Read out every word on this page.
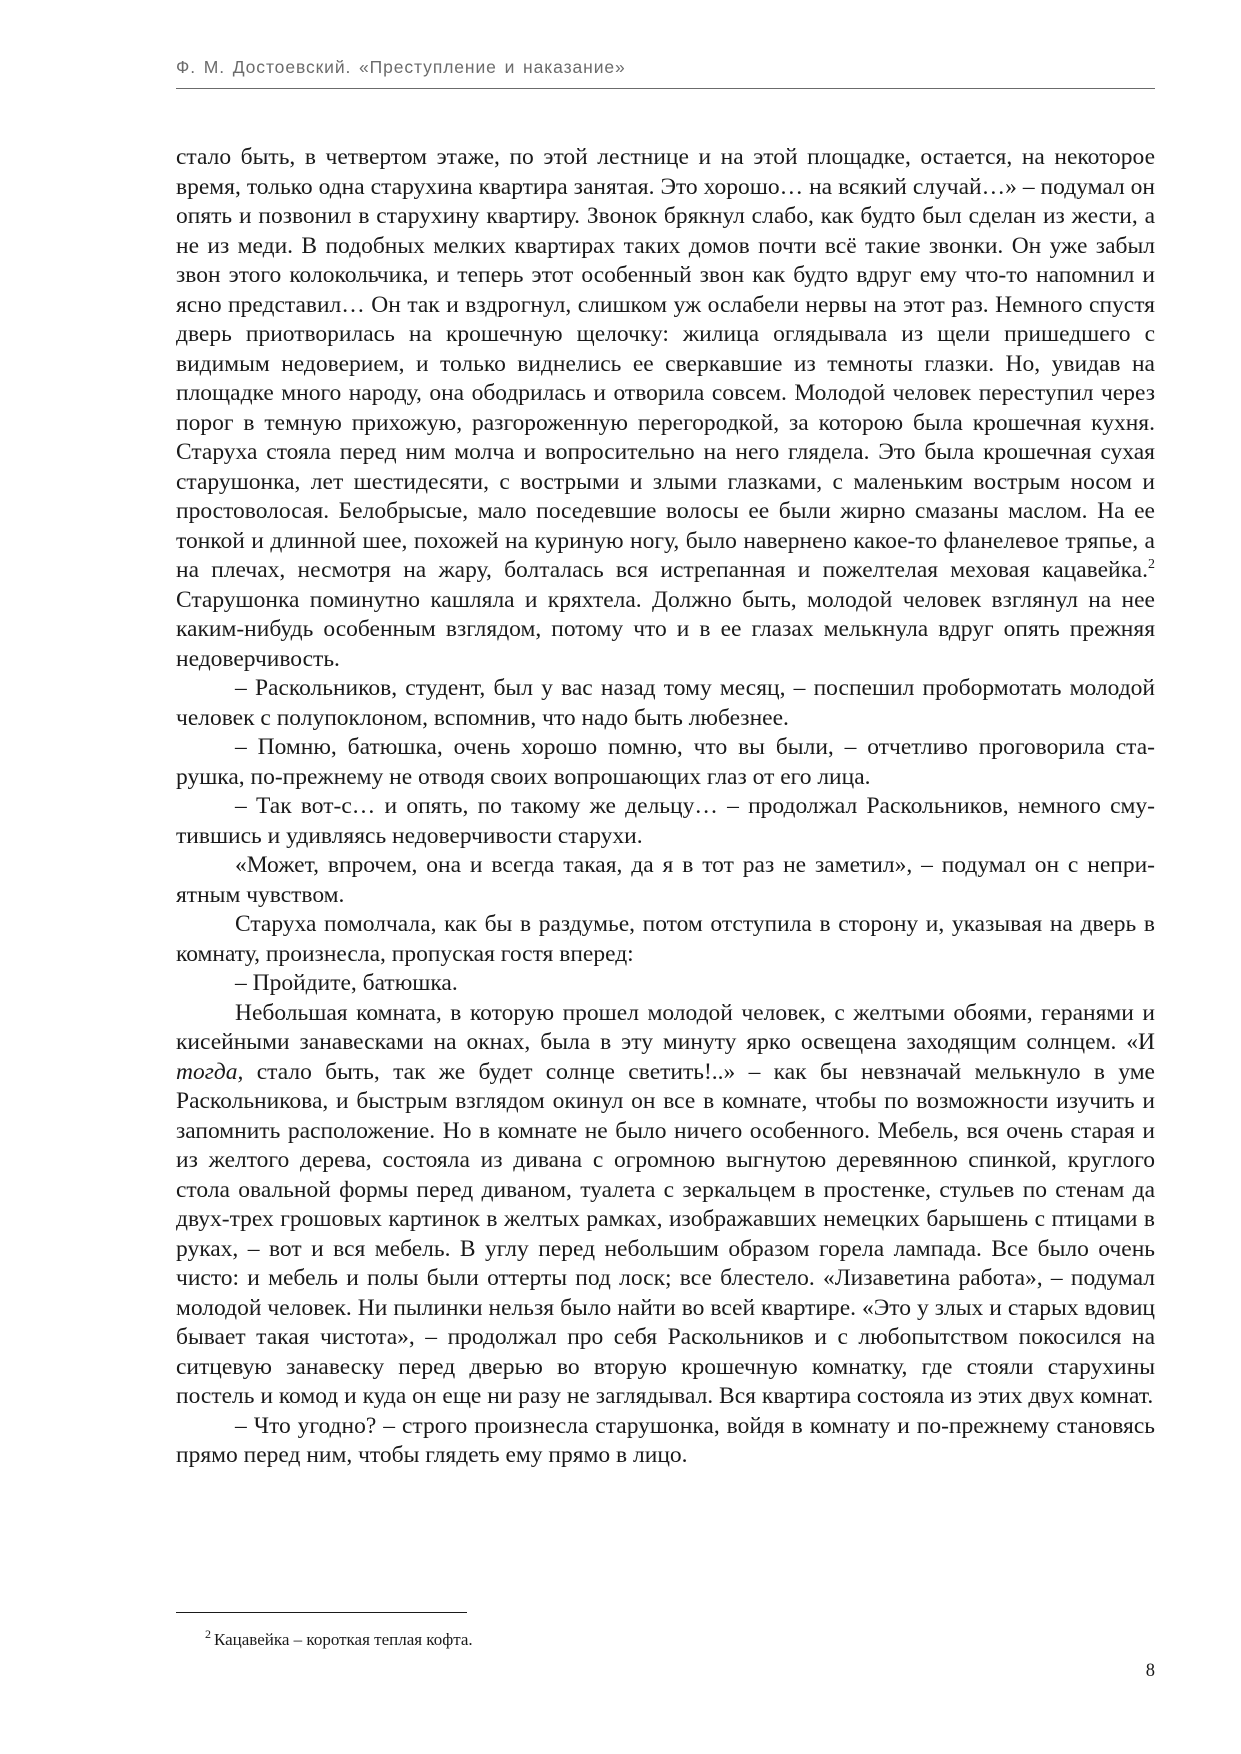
Ф. М. Достоевский. «Преступление и наказание»

стало быть, в четвертом этаже, по этой лестнице и на этой площадке, остается, на некоторое время, только одна старухина квартира занятая. Это хорошо… на всякий случай…» – подумал он опять и позвонил в старухину квартиру. Звонок брякнул слабо, как будто был сделан из жести, а не из меди. В подобных мелких квартирах таких домов почти всё такие звонки. Он уже забыл звон этого колокольчика, и теперь этот особенный звон как будто вдруг ему что-то напомнил и ясно представил… Он так и вздрогнул, слишком уж ослабели нервы на этот раз. Немного спустя дверь приотворилась на крошечную щелочку: жилица оглядывала из щели пришедшего с видимым недоверием, и только виднелись ее сверкавшие из темноты глазки. Но, увидав на площадке много народу, она ободрилась и отворила совсем. Молодой человек переступил через порог в темную прихожую, разгороженную перегородкой, за которою была крошечная кухня. Старуха стояла перед ним молча и вопросительно на него глядела. Это была крошечная сухая старушонка, лет шестидесяти, с вострыми и злыми глазками, с маленьким вострым носом и простоволосая. Белобрысые, мало поседевшие волосы ее были жирно смазаны маслом. На ее тонкой и длинной шее, похожей на куриную ногу, было навернено какое-то фланелевое тряпье, а на плечах, несмотря на жару, болталась вся истрепанная и пожелтелая меховая кацавейка.$^2$ Старушонка поминутно кашляла и кряхтела. Должно быть, молодой человек взглянул на нее каким-нибудь особенным взглядом, потому что и в ее глазах мелькнула вдруг опять прежняя недоверчивость.

– Раскольников, студент, был у вас назад тому месяц, – поспешил пробормотать молодой человек с полупоклоном, вспомнив, что надо быть любезнее.

– Помню, батюшка, очень хорошо помню, что вы были, – отчетливо проговорила старушка, по-прежнему не отводя своих вопрошающих глаз от его лица.

– Так вот-с… и опять, по такому же дельцу… – продолжал Раскольников, немного смутившись и удивляясь недоверчивости старухи.

«Может, впрочем, она и всегда такая, да я в тот раз не заметил», – подумал он с неприятным чувством.

Старуха помолчала, как бы в раздумье, потом отступила в сторону и, указывая на дверь в комнату, произнесла, пропуская гостя вперед:

– Пройдите, батюшка.

Небольшая комната, в которую прошел молодой человек, с желтыми обоями, геранями и кисейными занавесками на окнах, была в эту минуту ярко освещена заходящим солнцем. «И тогда, стало быть, так же будет солнце светить!..» – как бы невзначай мелькнуло в уме Раскольникова, и быстрым взглядом окинул он все в комнате, чтобы по возможности изучить и запомнить расположение. Но в комнате не было ничего особенного. Мебель, вся очень старая и из желтого дерева, состояла из дивана с огромною выгнутою деревянною спинкой, круглого стола овальной формы перед диваном, туалета с зеркальцем в простенке, стульев по стенам да двух-трех грошовых картинок в желтых рамках, изображавших немецких барышень с птицами в руках, – вот и вся мебель. В углу перед небольшим образом горела лампада. Все было очень чисто: и мебель и полы были оттерты под лоск; все блестело. «Лизаветина работа», – подумал молодой человек. Ни пылинки нельзя было найти во всей квартире. «Это у злых и старых вдовиц бывает такая чистота», – продолжал про себя Раскольников и с любопытством покосился на ситцевую занавеску перед дверью во вторую крошечную комнатку, где стояли старухины постель и комод и куда он еще ни разу не заглядывал. Вся квартира состояла из этих двух комнат.

– Что угодно? – строго произнесла старушонка, войдя в комнату и по-прежнему становясь прямо перед ним, чтобы глядеть ему прямо в лицо.

$^2$ Кацавейка – короткая теплая кофта.
8
